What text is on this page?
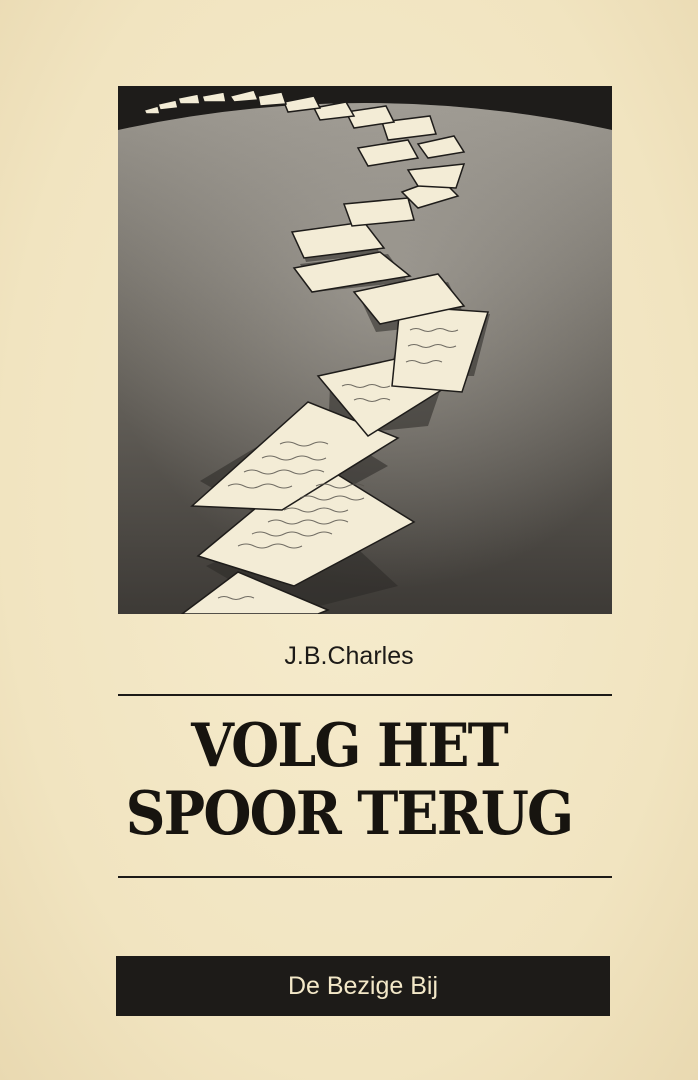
J.B.Charles
VOLG HET
SPOOR TERUG
De Bezige Bij
